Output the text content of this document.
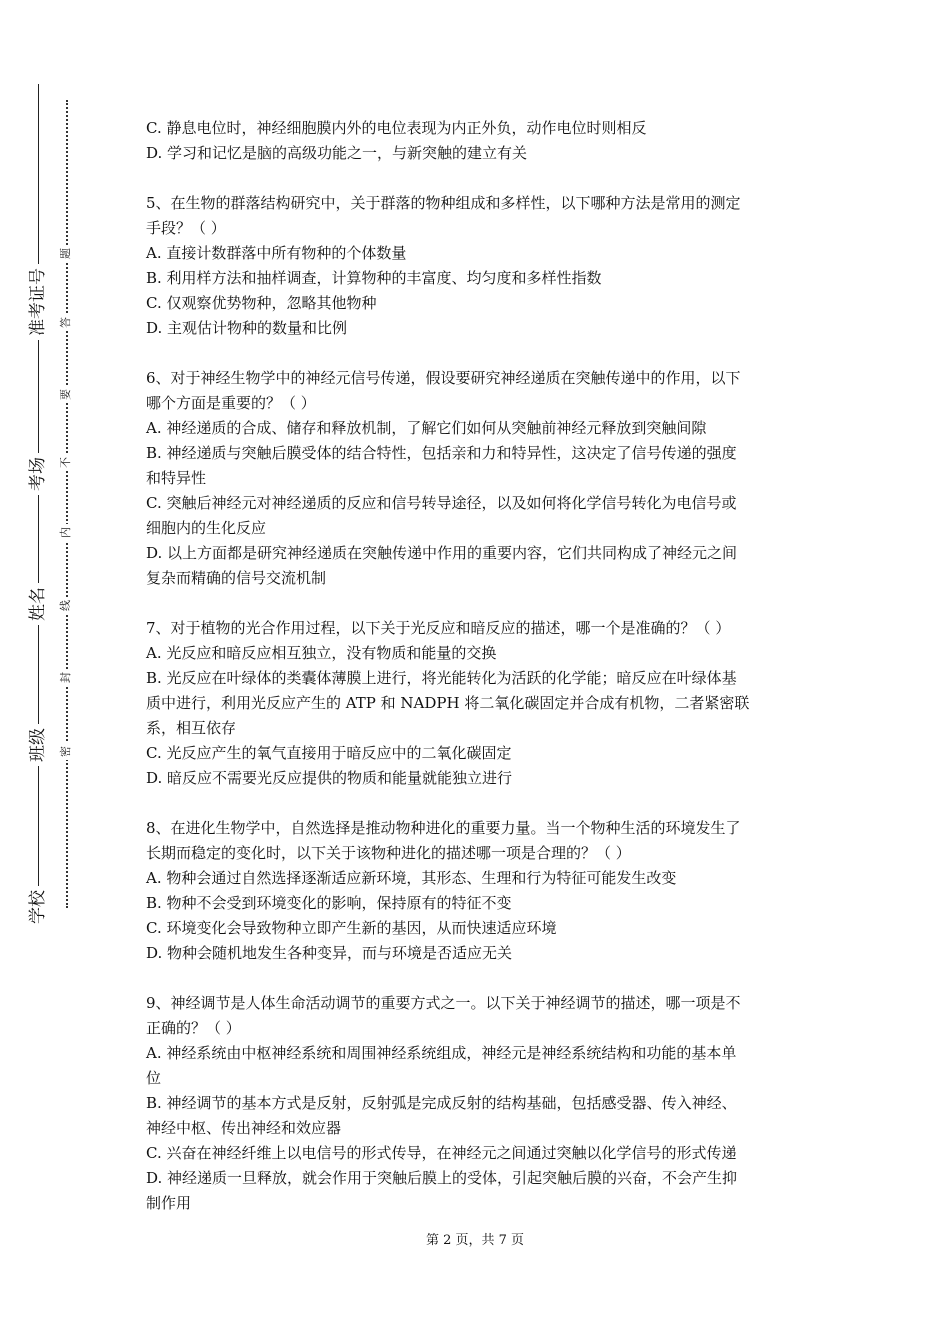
准考证号
考场
姓名
班级
学校
题
答
要
不
内
线
封
密
C. 静息电位时，神经细胞膜内外的电位表现为内正外负，动作电位时则相反
D. 学习和记忆是脑的高级功能之一，与新突触的建立有关
5、在生物的群落结构研究中，关于群落的物种组成和多样性，以下哪种方法是常用的测定
手段？（ ）
A. 直接计数群落中所有物种的个体数量
B. 利用样方法和抽样调查，计算物种的丰富度、均匀度和多样性指数
C. 仅观察优势物种，忽略其他物种
D. 主观估计物种的数量和比例
6、对于神经生物学中的神经元信号传递，假设要研究神经递质在突触传递中的作用，以下
哪个方面是重要的？（ ）
A. 神经递质的合成、储存和释放机制，了解它们如何从突触前神经元释放到突触间隙
B. 神经递质与突触后膜受体的结合特性，包括亲和力和特异性，这决定了信号传递的强度
和特异性
C. 突触后神经元对神经递质的反应和信号转导途径，以及如何将化学信号转化为电信号或
细胞内的生化反应
D. 以上方面都是研究神经递质在突触传递中作用的重要内容，它们共同构成了神经元之间
复杂而精确的信号交流机制
7、对于植物的光合作用过程，以下关于光反应和暗反应的描述，哪一个是准确的？（ ）
A. 光反应和暗反应相互独立，没有物质和能量的交换
B. 光反应在叶绿体的类囊体薄膜上进行，将光能转化为活跃的化学能；暗反应在叶绿体基
质中进行，利用光反应产生的 ATP 和 NADPH 将二氧化碳固定并合成有机物，二者紧密联
系，相互依存
C. 光反应产生的氧气直接用于暗反应中的二氧化碳固定
D. 暗反应不需要光反应提供的物质和能量就能独立进行
8、在进化生物学中，自然选择是推动物种进化的重要力量。当一个物种生活的环境发生了
长期而稳定的变化时，以下关于该物种进化的描述哪一项是合理的？（ ）
A. 物种会通过自然选择逐渐适应新环境，其形态、生理和行为特征可能发生改变
B. 物种不会受到环境变化的影响，保持原有的特征不变
C. 环境变化会导致物种立即产生新的基因，从而快速适应环境
D. 物种会随机地发生各种变异，而与环境是否适应无关
9、神经调节是人体生命活动调节的重要方式之一。以下关于神经调节的描述，哪一项是不
正确的？（ ）
A. 神经系统由中枢神经系统和周围神经系统组成，神经元是神经系统结构和功能的基本单
位
B. 神经调节的基本方式是反射，反射弧是完成反射的结构基础，包括感受器、传入神经、
神经中枢、传出神经和效应器
C. 兴奋在神经纤维上以电信号的形式传导，在神经元之间通过突触以化学信号的形式传递
D. 神经递质一旦释放，就会作用于突触后膜上的受体，引起突触后膜的兴奋，不会产生抑
制作用
第 2 页，共 7 页
